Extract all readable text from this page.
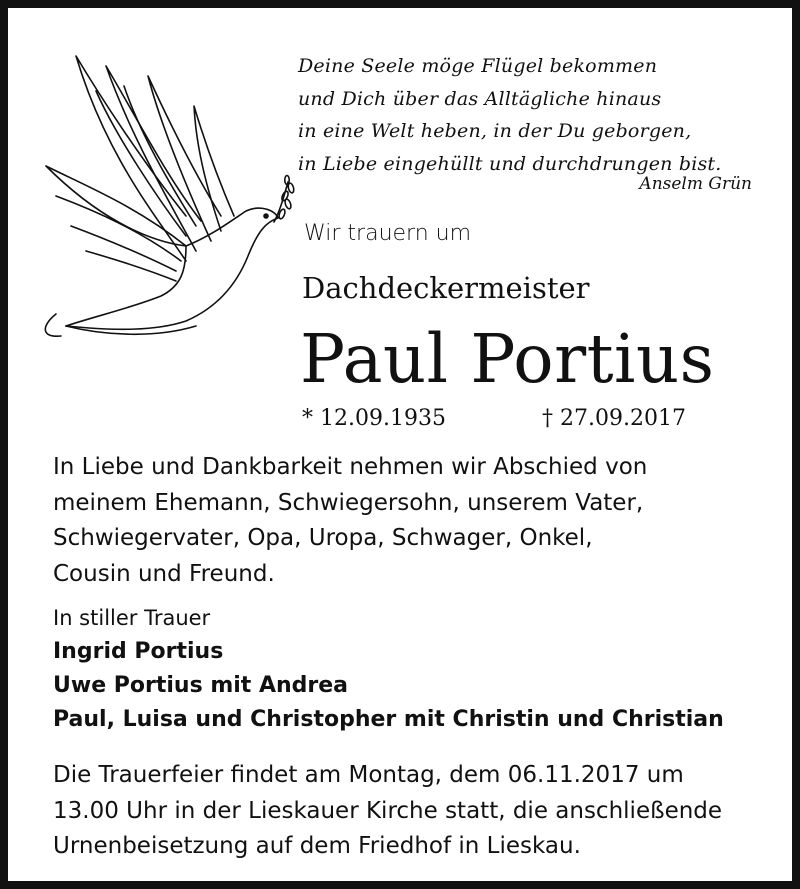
Deine Seele möge Flügel bekommen
und Dich über das Alltägliche hinaus
in eine Welt heben, in der Du geborgen,
in Liebe eingehüllt und durchdrungen bist.
Anselm Grün
Wir trauern um
Dachdeckermeister
Paul Portius
* 12.09.1935	† 27.09.2017
In Liebe und Dankbarkeit nehmen wir Abschied von
meinem Ehemann, Schwiegersohn, unserem Vater,
Schwiegervater, Opa, Uropa, Schwager, Onkel,
Cousin und Freund.
In stiller Trauer
Ingrid Portius
Uwe Portius mit Andrea
Paul, Luisa und Christopher mit Christin und Christian
Die Trauerfeier findet am Montag, dem 06.11.2017 um
13.00 Uhr in der Lieskauer Kirche statt, die anschließende
Urnenbeisetzung auf dem Friedhof in Lieskau.
